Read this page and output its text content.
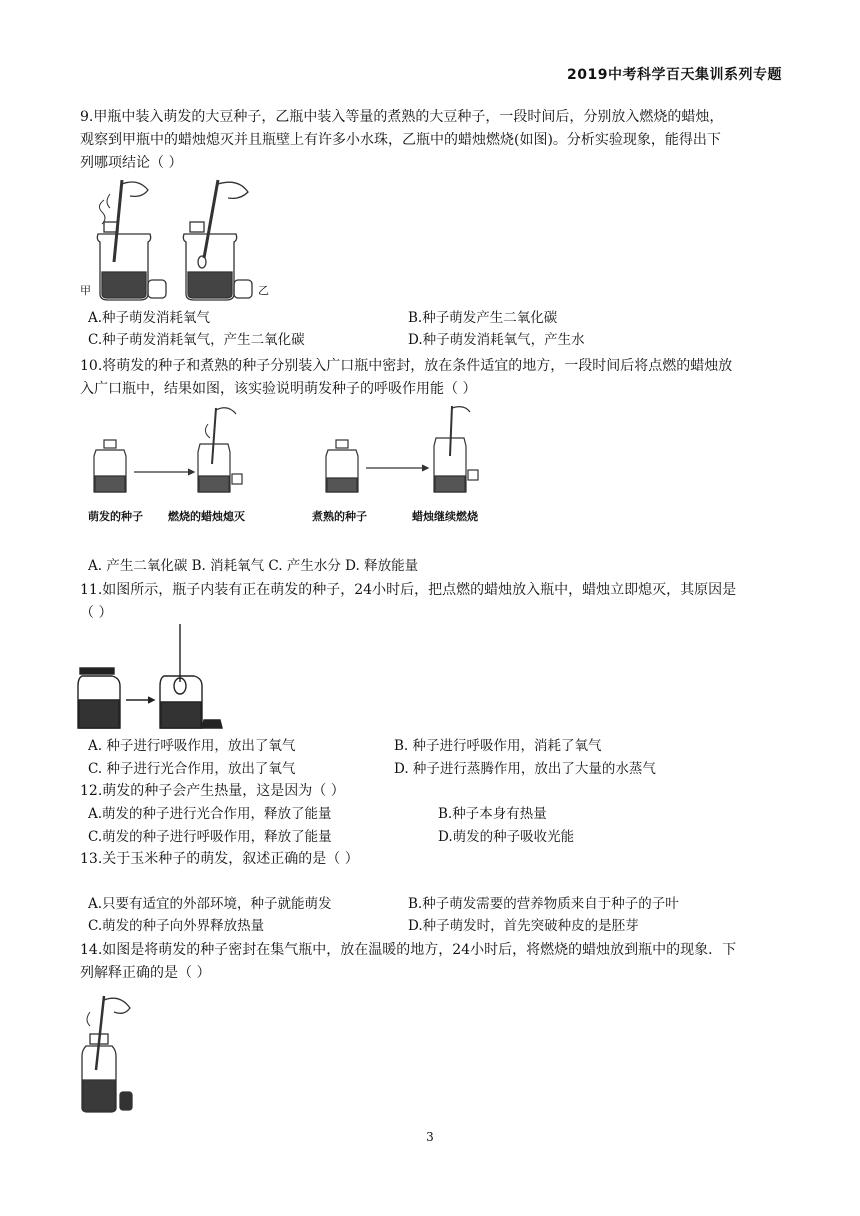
2019中考科学百天集训系列专题
9.甲瓶中装入萌发的大豆种子，乙瓶中装入等量的煮熟的大豆种子，一段时间后，分别放入燃烧的蜡烛，
观察到甲瓶中的蜡烛熄灭并且瓶壁上有许多小水珠，乙瓶中的蜡烛燃烧(如图)。分析实验现象，能得出下
列哪项结论（ ）
甲	乙
A.种子萌发消耗氧气	B.种子萌发产生二氧化碳
C.种子萌发消耗氧气，产生二氧化碳	D.种子萌发消耗氧气，产生水
10.将萌发的种子和煮熟的种子分别装入广口瓶中密封，放在条件适宜的地方，一段时间后将点燃的蜡烛放
入广口瓶中，结果如图，该实验说明萌发种子的呼吸作用能（ ）
萌发的种子 燃烧的蜡烛熄灭	煮熟的种子	蜡烛继续燃烧
A. 产生二氧化碳 B. 消耗氧气 C. 产生水分 D. 释放能量
11.如图所示，瓶子内装有正在萌发的种子，24小时后，把点燃的蜡烛放入瓶中，蜡烛立即熄灭，其原因是
（ ）
A. 种子进行呼吸作用，放出了氧气	B. 种子进行呼吸作用，消耗了氧气
C. 种子进行光合作用，放出了氧气	D. 种子进行蒸腾作用，放出了大量的水蒸气
12.萌发的种子会产生热量，这是因为（ ）
A.萌发的种子进行光合作用，释放了能量	B.种子本身有热量
C.萌发的种子进行呼吸作用，释放了能量	D.萌发的种子吸收光能
13.关于玉米种子的萌发，叙述正确的是（ ）
A.只要有适宜的外部环境，种子就能萌发	B.种子萌发需要的营养物质来自于种子的子叶
C.萌发的种子向外界释放热量	D.种子萌发时，首先突破种皮的是胚芽
14.如图是将萌发的种子密封在集气瓶中，放在温暖的地方，24小时后，将燃烧的蜡烛放到瓶中的现象．下
列解释正确的是（ ）
3
